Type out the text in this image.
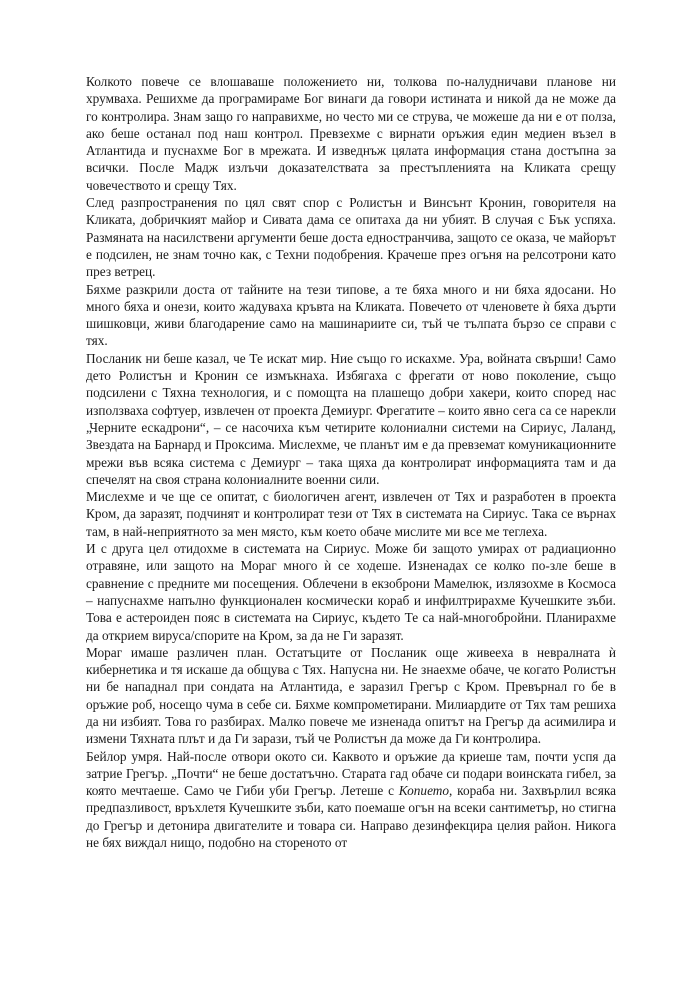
Колкото повече се влошаваше положението ни, толкова по-налудничави планове ни хрумваха. Решихме да програмираме Бог винаги да говори истината и никой да не може да го контролира. Знам защо го направихме, но често ми се струва, че можеше да ни е от полза, ако беше останал под наш контрол. Превзехме с вирнати оръжия един медиен възел в Атлантида и пуснахме Бог в мрежата. И изведнъж цялата информация стана достъпна за всички. После Мадж излъчи доказателствата за престъпленията на Кликата срещу човечеството и срещу Тях.

След разпространения по цял свят спор с Ролистън и Винсънт Кронин, говорителя на Кликата, добричкият майор и Сивата дама се опитаха да ни убият. В случая с Бък успяха. Размяната на насилствени аргументи беше доста едностранчива, защото се оказа, че майорът е подсилен, не знам точно как, с Техни подобрения. Крачеше през огъня на релсотрони като през ветрец.

Бяхме разкрили доста от тайните на тези типове, а те бяха много и ни бяха ядосани. Но много бяха и онези, които жадуваха кръвта на Кликата. Повечето от членовете ѝ бяха дърти шишковци, живи благодарение само на машинариите си, тъй че тълпата бързо се справи с тях.

Посланик ни беше казал, че Те искат мир. Ние също го искахме. Ура, войната свърши! Само дето Ролистън и Кронин се измъкнаха. Избягаха с фрегати от ново поколение, също подсилени с Тяхна технология, и с помощта на плашещо добри хакери, които според нас използваха софтуер, извлечен от проекта Демиург. Фрегатите – които явно сега са се нарекли „Черните ескадрони“, – се насочиха към четирите колониални системи на Сириус, Лаланд, Звездата на Барнард и Проксима. Мислехме, че планът им е да превземат комуникационните мрежи във всяка система с Демиург – така щяха да контролират информацията там и да спечелят на своя страна колониалните военни сили.

Мислехме и че ще се опитат, с биологичен агент, извлечен от Тях и разработен в проекта Кром, да заразят, подчинят и контролират тези от Тях в системата на Сириус. Така се върнах там, в най-неприятното за мен място, към което обаче мислите ми все ме теглеха.

И с друга цел отидохме в системата на Сириус. Може би защото умирах от радиационно отравяне, или защото на Мораг много ѝ се ходеше. Изненадах се колко по-зле беше в сравнение с предните ми посещения. Облечени в екзоброни Мамелюк, излязохме в Космоса – напуснахме напълно функционален космически кораб и инфилтрирахме Кучешките зъби. Това е астероиден пояс в системата на Сириус, където Те са най-многобройни. Планирахме да открием вируса/спорите на Кром, за да не Ги заразят.

Мораг имаше различен план. Остатъците от Посланик още живееха в невралната ѝ кибернетика и тя искаше да общува с Тях. Напусна ни. Не знаехме обаче, че когато Ролистън ни бе нападнал при сондата на Атлантида, е заразил Грегър с Кром. Превърнал го бе в оръжие роб, носещо чума в себе си. Бяхме компрометирани. Милиардите от Тях там решиха да ни избият. Това го разбирах. Малко повече ме изненада опитът на Грегър да асимилира и измени Тяхната плът и да Ги зарази, тъй че Ролистън да може да Ги контролира.

Бейлор умря. Най-после отвори окото си. Каквото и оръжие да криеше там, почти успя да затрие Грегър. „Почти“ не беше достатъчно. Старата гад обаче си подари воинската гибел, за която мечтаеше. Само че Гиби уби Грегър. Летеше с Копието, кораба ни. Захвърлил всяка предпазливост, връхлетя Кучешките зъби, като поемаше огън на всеки сантиметър, но стигна до Грегър и детонира двигателите и товара си. Направо дезинфекцира целия район. Никога не бях виждал нищо, подобно на стореното от
